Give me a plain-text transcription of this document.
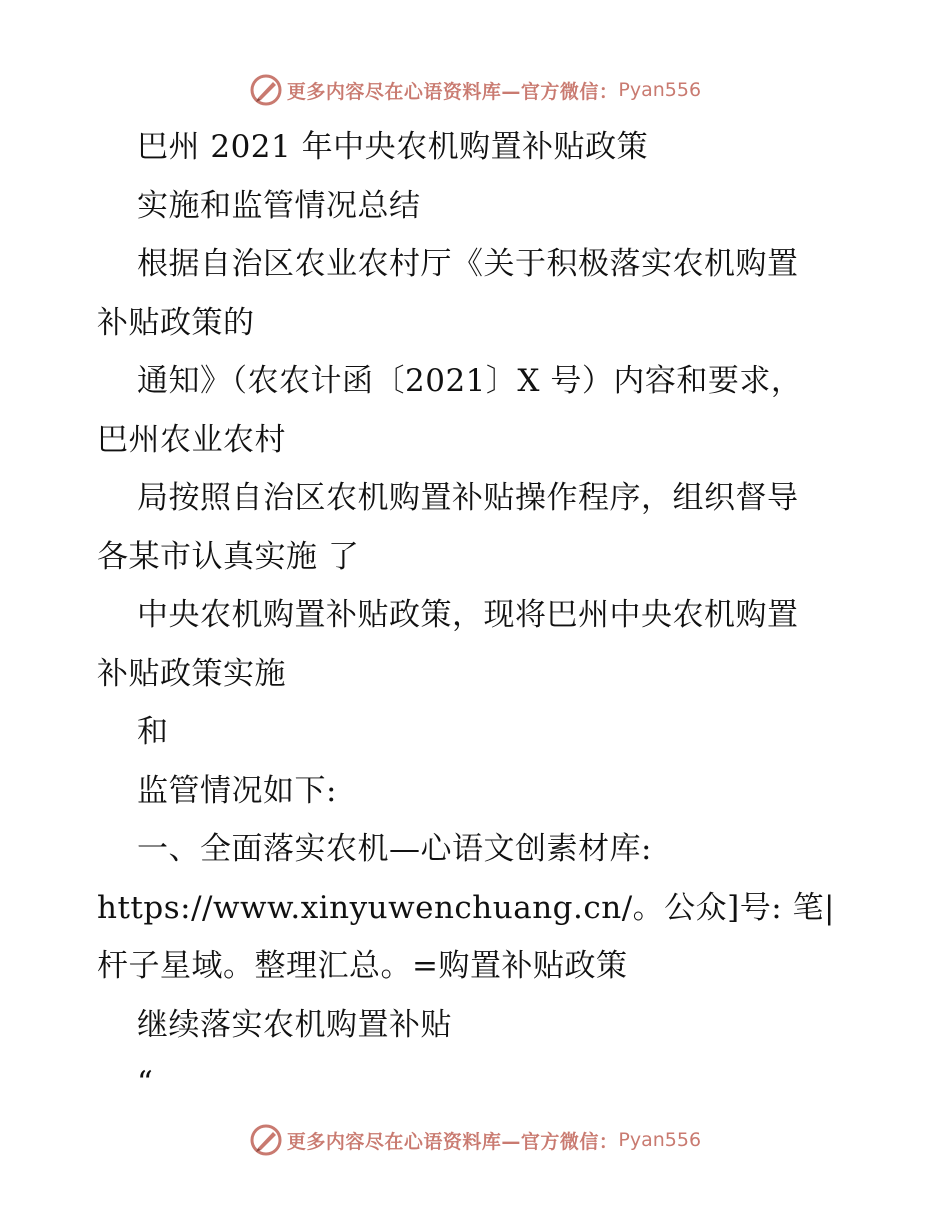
更多内容尽在心语资料库—官方微信： Pyan556
巴州 2021 年中央农机购置补贴政策
实施和监管情况总结
根据自治区农业农村厅《关于积极落实农机购置
补贴政策的
通知》（农农计函〔2021〕X 号）内容和要求，
巴州农业农村
局按照自治区农机购置补贴操作程序，组织督导
各某市认真实施 了
中央农机购置补贴政策，现将巴州中央农机购置
补贴政策实施
和
监管情况如下:
一、全面落实农机—心语文创素材库:
https://www.xinyuwenchuang.cn/。公众]号: 笔|
杆子星域。整理汇总。=购置补贴政策
继续落实农机购置补贴
“
更多内容尽在心语资料库—官方微信： Pyan556
